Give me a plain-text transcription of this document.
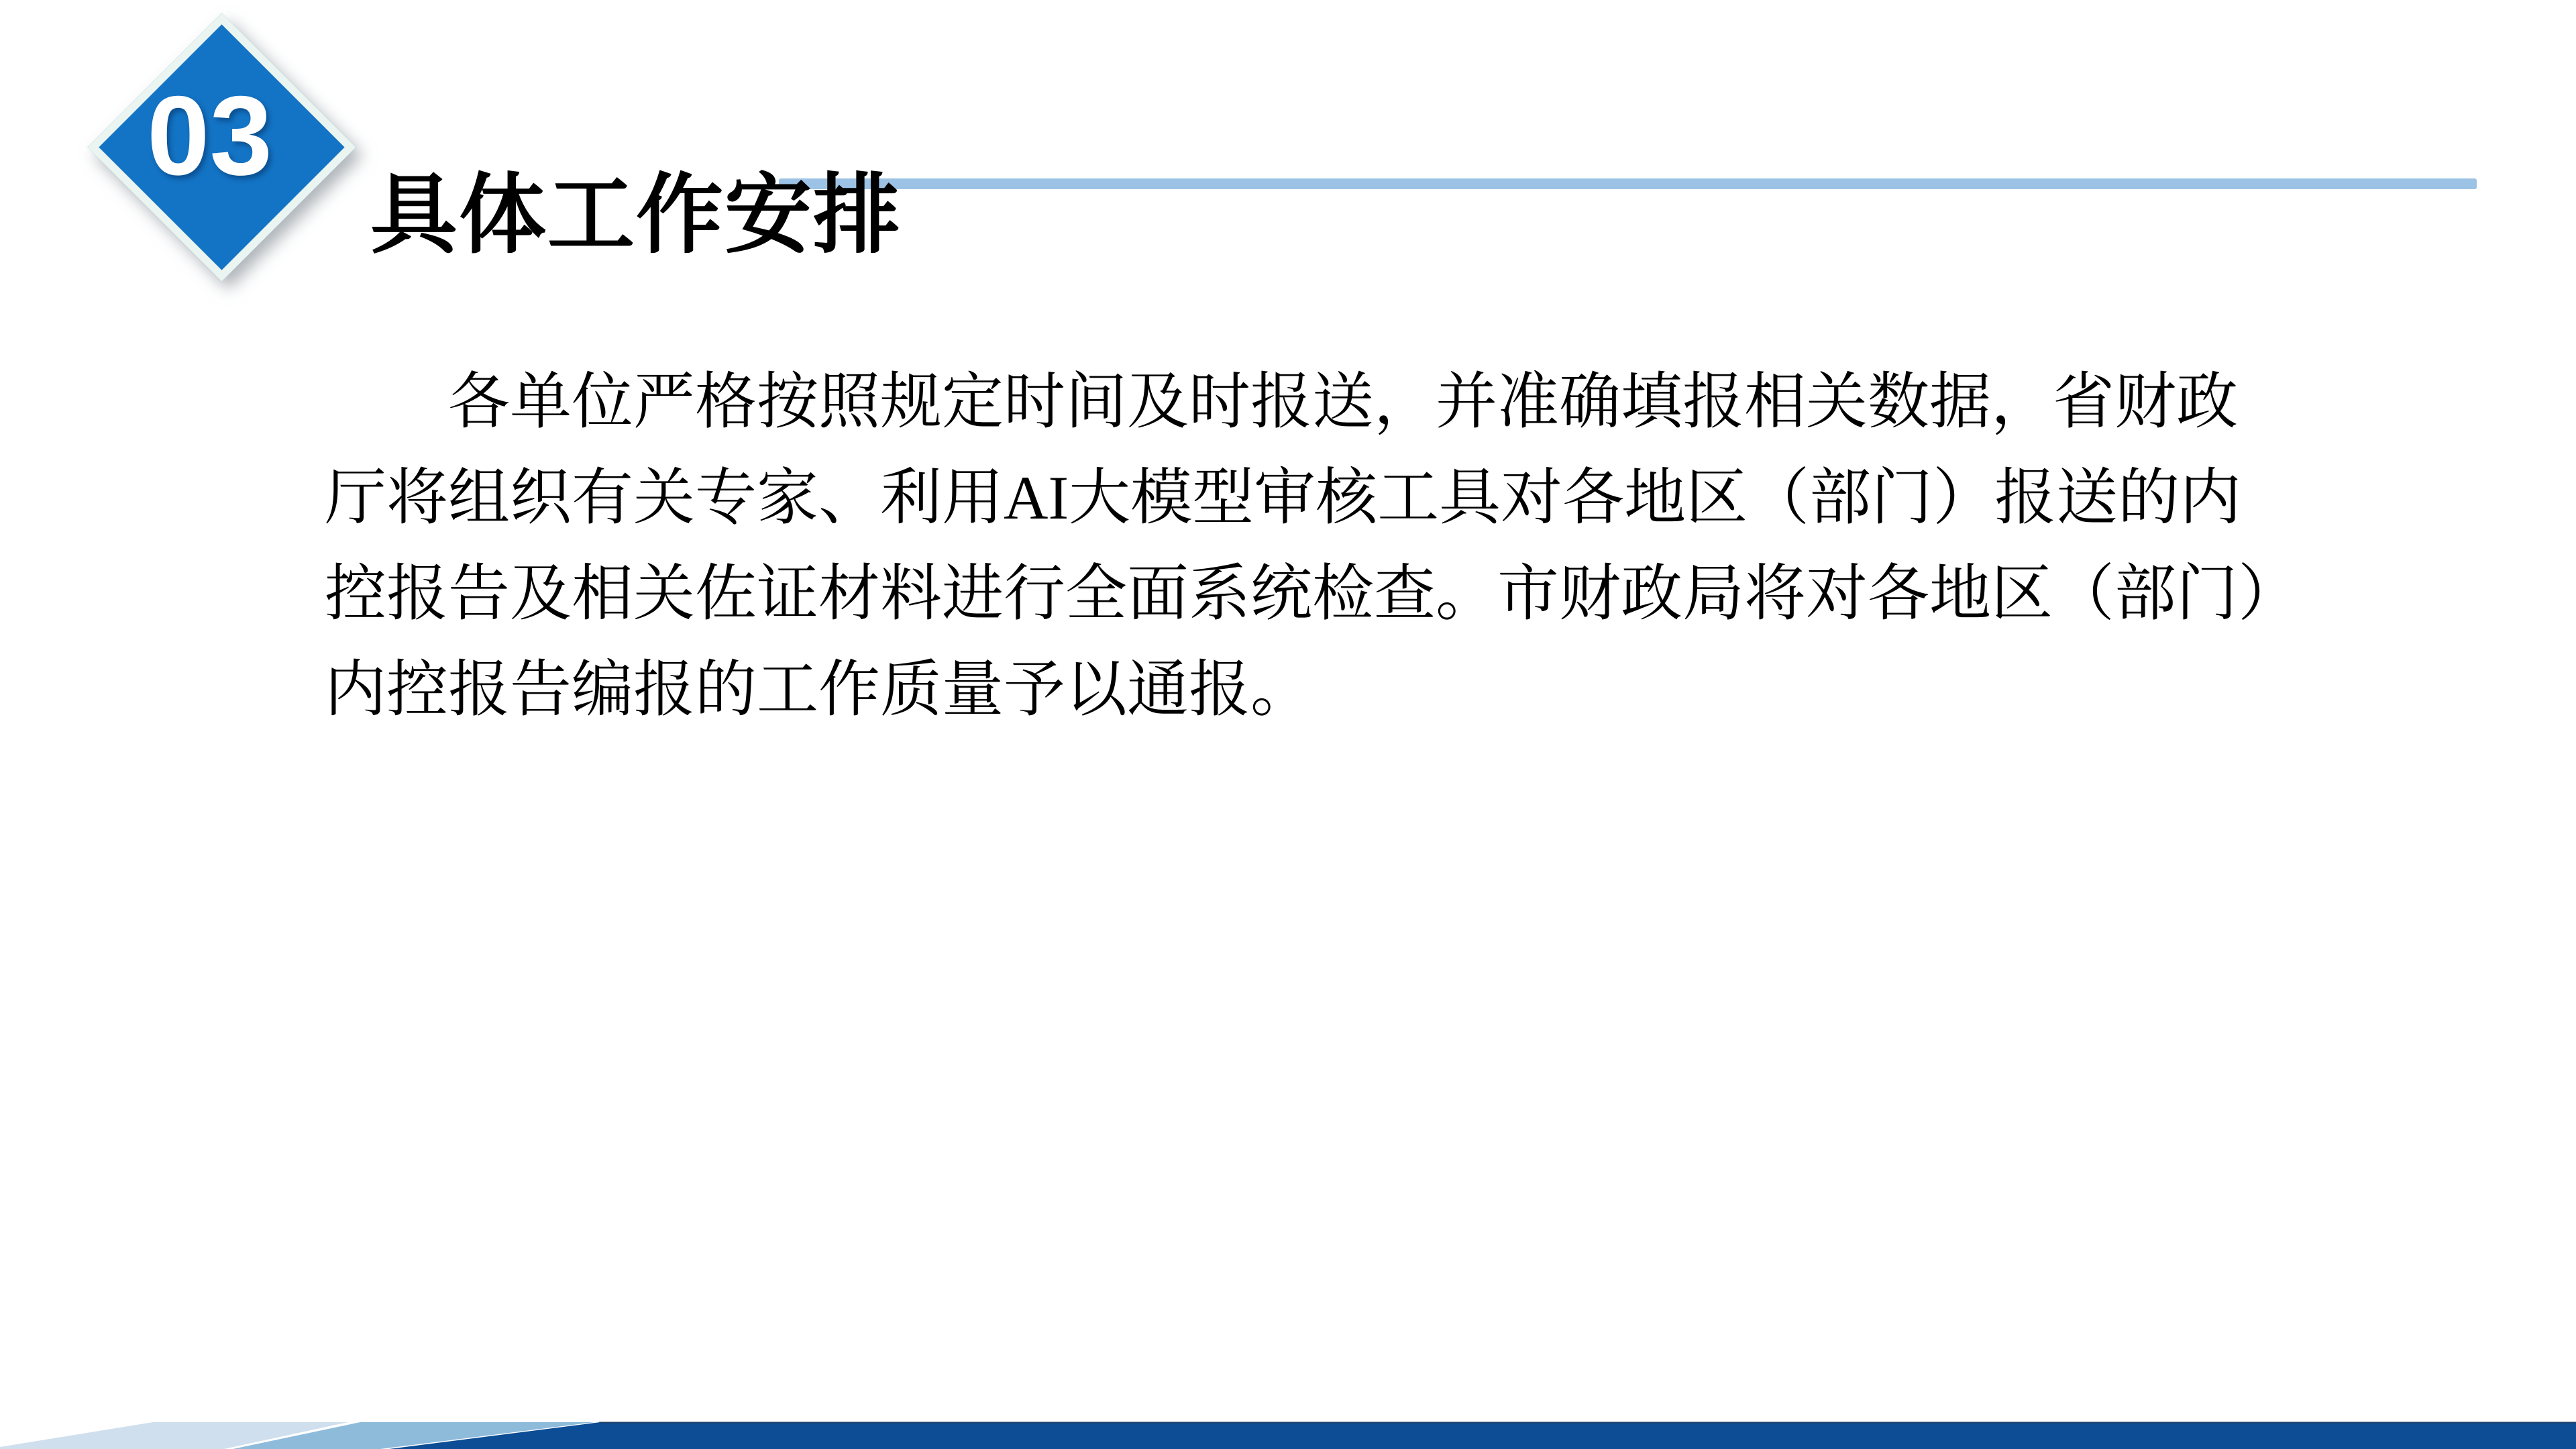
03
具体工作安排
各单位严格按照规定时间及时报送，并准确填报相关数据，省财政
厅将组织有关专家、利用AI大模型审核工具对各地区（部门）报送的内
控报告及相关佐证材料进行全面系统检查。市财政局将对各地区（部门）
内控报告编报的工作质量予以通报。
